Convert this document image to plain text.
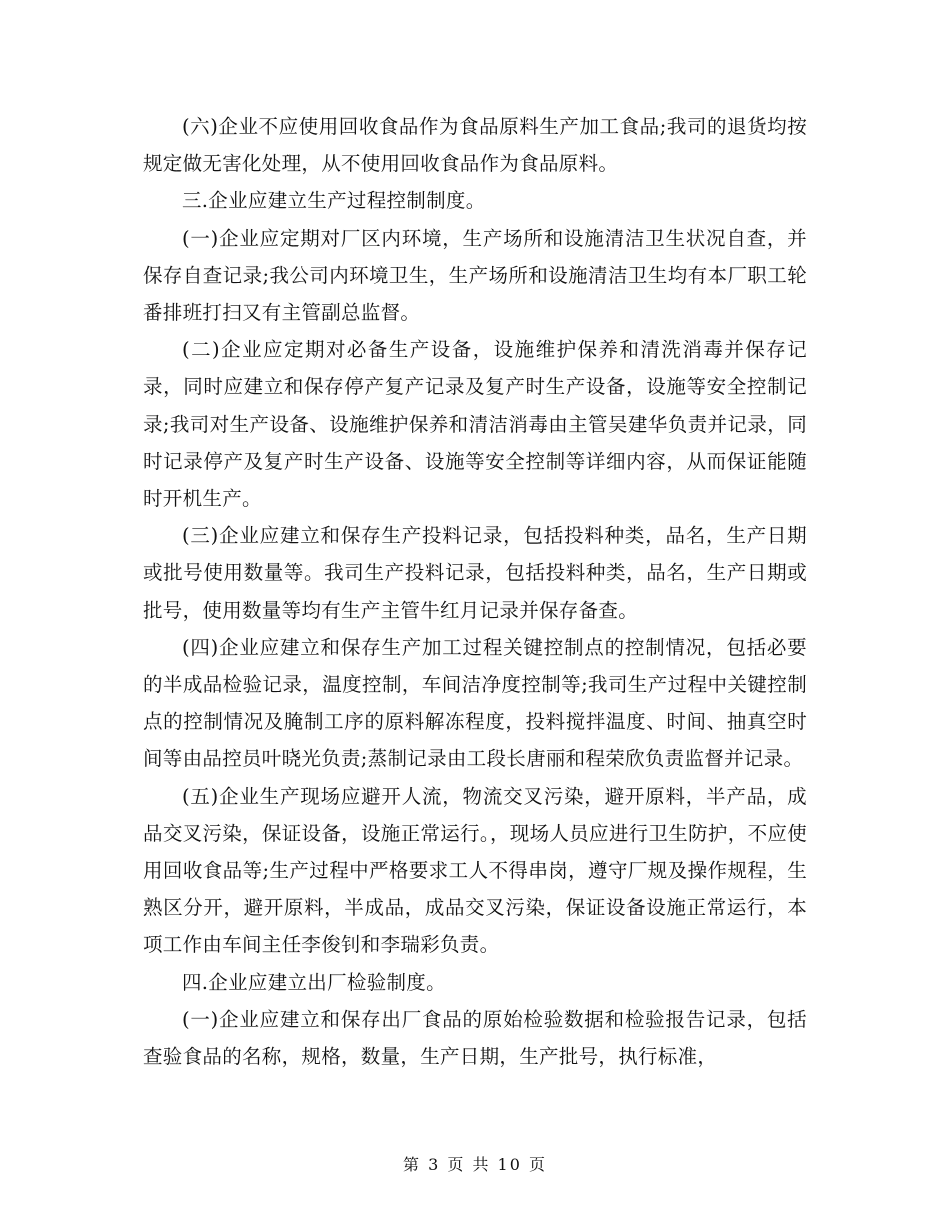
(六)企业不应使用回收食品作为食品原料生产加工食品;我司的退货均按规定做无害化处理，从不使用回收食品作为食品原料。

三.企业应建立生产过程控制制度。

(一)企业应定期对厂区内环境，生产场所和设施清洁卫生状况自查，并保存自查记录;我公司内环境卫生，生产场所和设施清洁卫生均有本厂职工轮番排班打扫又有主管副总监督。

(二)企业应定期对必备生产设备，设施维护保养和清洗消毒并保存记录，同时应建立和保存停产复产记录及复产时生产设备，设施等安全控制记录;我司对生产设备、设施维护保养和清洁消毒由主管吴建华负责并记录，同时记录停产及复产时生产设备、设施等安全控制等详细内容，从而保证能随时开机生产。

(三)企业应建立和保存生产投料记录，包括投料种类，品名，生产日期或批号使用数量等。我司生产投料记录，包括投料种类，品名，生产日期或批号，使用数量等均有生产主管牛红月记录并保存备查。

(四)企业应建立和保存生产加工过程关键控制点的控制情况，包括必要的半成品检验记录，温度控制，车间洁净度控制等;我司生产过程中关键控制点的控制情况及腌制工序的原料解冻程度，投料搅拌温度、时间、抽真空时间等由品控员叶晓光负责;蒸制记录由工段长唐丽和程荣欣负责监督并记录。

(五)企业生产现场应避开人流，物流交叉污染，避开原料，半产品，成品交叉污染，保证设备，设施正常运行。，现场人员应进行卫生防护，不应使用回收食品等;生产过程中严格要求工人不得串岗，遵守厂规及操作规程，生熟区分开，避开原料，半成品，成品交叉污染，保证设备设施正常运行，本项工作由车间主任李俊钊和李瑞彩负责。

四.企业应建立出厂检验制度。

(一)企业应建立和保存出厂食品的原始检验数据和检验报告记录，包括查验食品的名称，规格，数量，生产日期，生产批号，执行标准，

第 3 页 共 10 页
